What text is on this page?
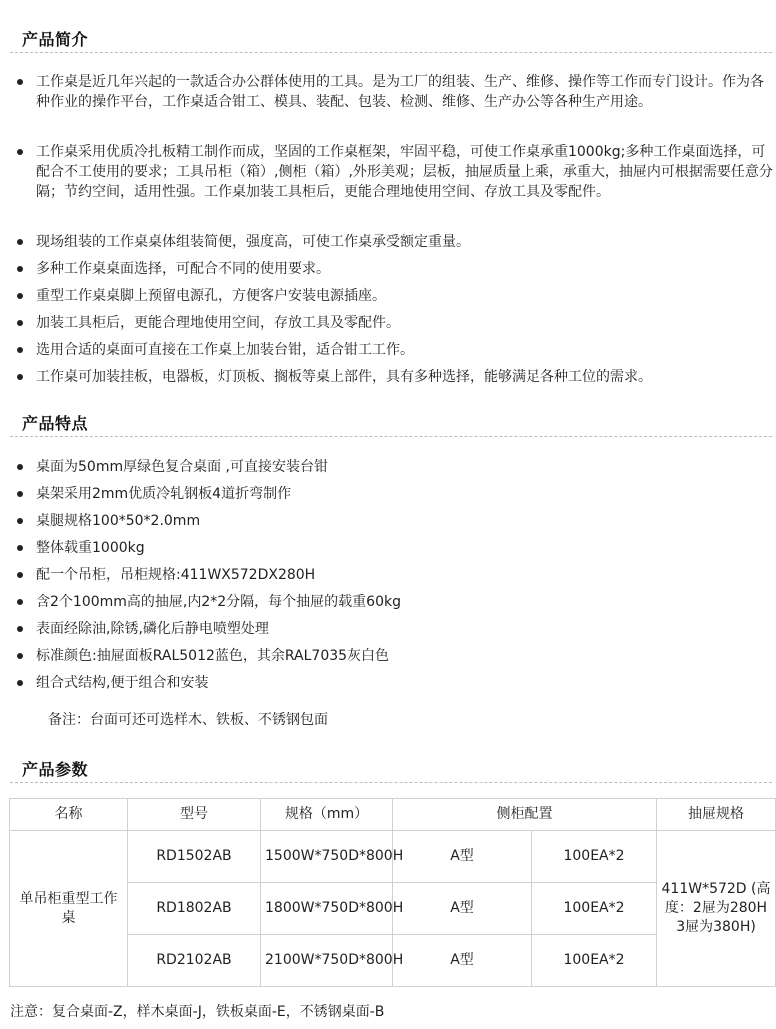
产品简介
工作桌是近几年兴起的一款适合办公群体使用的工具。是为工厂的组装、生产、维修、操作等工作而专门设计。作为各种作业的操作平台，工作桌适合钳工、模具、装配、包装、检测、维修、生产办公等各种生产用途。
工作桌采用优质冷扎板精工制作而成，坚固的工作桌框架，牢固平稳，可使工作桌承重1000kg;多种工作桌面选择，可配合不工使用的要求；工具吊柜（箱）,侧柜（箱）,外形美观；层板，抽屉质量上乘，承重大，抽屉内可根据需要任意分隔；节约空间，适用性强。工作桌加装工具柜后，更能合理地使用空间、存放工具及零配件。
现场组装的工作桌桌体组装简便，强度高，可使工作桌承受额定重量。
多种工作桌桌面选择，可配合不同的使用要求。
重型工作桌桌脚上预留电源孔，方便客户安装电源插座。
加装工具柜后，更能合理地使用空间，存放工具及零配件。
选用合适的桌面可直接在工作桌上加装台钳，适合钳工工作。
工作桌可加装挂板，电器板，灯顶板、搁板等桌上部件，具有多种选择，能够满足各种工位的需求。
产品特点
桌面为50mm厚绿色复合桌面 ,可直接安装台钳
桌架采用2mm优质冷轧钢板4道折弯制作
桌腿规格100*50*2.0mm
整体载重1000kg
配一个吊柜，吊柜规格:411WX572DX280H
含2个100mm高的抽屉,内2*2分隔，每个抽屉的载重60kg
表面经除油,除锈,磷化后静电喷塑处理
标准颜色:抽屉面板RAL5012蓝色，其余RAL7035灰白色
组合式结构,便于组合和安装
备注：台面可还可选样木、铁板、不锈钢包面
产品参数
名称	型号	规格（mm）	侧柜配置		抽屉规格
单吊柜重型工作桌	RD1502AB	1500W*750D*800H	A型	100EA*2	411W*572D (高度：2屉为280H 3屉为380H)
	RD1802AB	1800W*750D*800H	A型	100EA*2	
	RD2102AB	2100W*750D*800H	A型	100EA*2	
注意：复合桌面-Z，样木桌面-J，铁板桌面-E，不锈钢桌面-B
